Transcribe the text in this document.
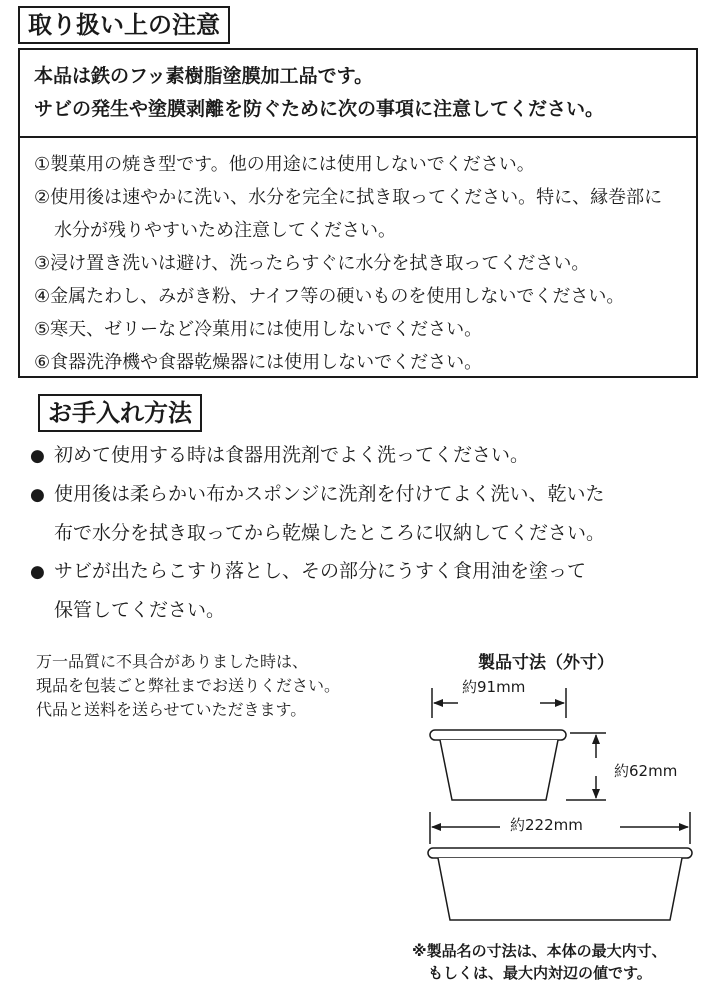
取り扱い上の注意
本品は鉄のフッ素樹脂塗膜加工品です。
サビの発生や塗膜剥離を防ぐために次の事項に注意してください。
①製菓用の焼き型です。他の用途には使用しないでください。
②使用後は速やかに洗い、水分を完全に拭き取ってください。特に、縁巻部に
水分が残りやすいため注意してください。
③浸け置き洗いは避け、洗ったらすぐに水分を拭き取ってください。
④金属たわし、みがき粉、ナイフ等の硬いものを使用しないでください。
⑤寒天、ゼリーなど冷菓用には使用しないでください。
⑥食器洗浄機や食器乾燥器には使用しないでください。
お手入れ方法
● 初めて使用する時は食器用洗剤でよく洗ってください。
● 使用後は柔らかい布かスポンジに洗剤を付けてよく洗い、乾いた
布で水分を拭き取ってから乾燥したところに収納してください。
● サビが出たらこすり落とし、その部分にうすく食用油を塗って
保管してください。
万一品質に不具合がありました時は、
現品を包装ごと弊社までお送りください。
代品と送料を送らせていただきます。
製品寸法（外寸）
約91mm
約62mm
約222mm
※製品名の寸法は、本体の最大内寸、
もしくは、最大内対辺の値です。
